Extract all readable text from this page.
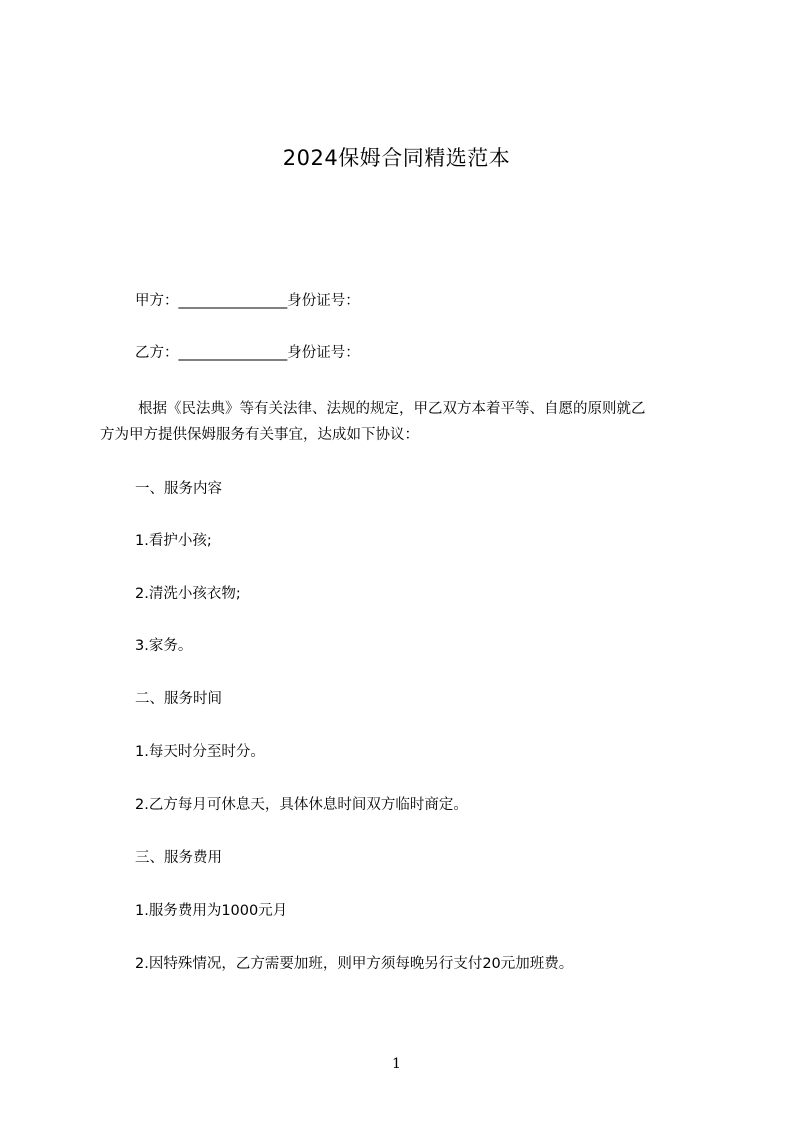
2024保姆合同精选范本
甲方：_______________身份证号：
乙方：_______________身份证号：
根据《民法典》等有关法律、法规的规定，甲乙双方本着平等、自愿的原则就乙
方为甲方提供保姆服务有关事宜，达成如下协议：
一、服务内容
1.看护小孩;
2.清洗小孩衣物;
3.家务。
二、服务时间
1.每天时分至时分。
2.乙方每月可休息天，具体休息时间双方临时商定。
三、服务费用
1.服务费用为1000元月
2.因特殊情况，乙方需要加班，则甲方须每晚另行支付20元加班费。
1
